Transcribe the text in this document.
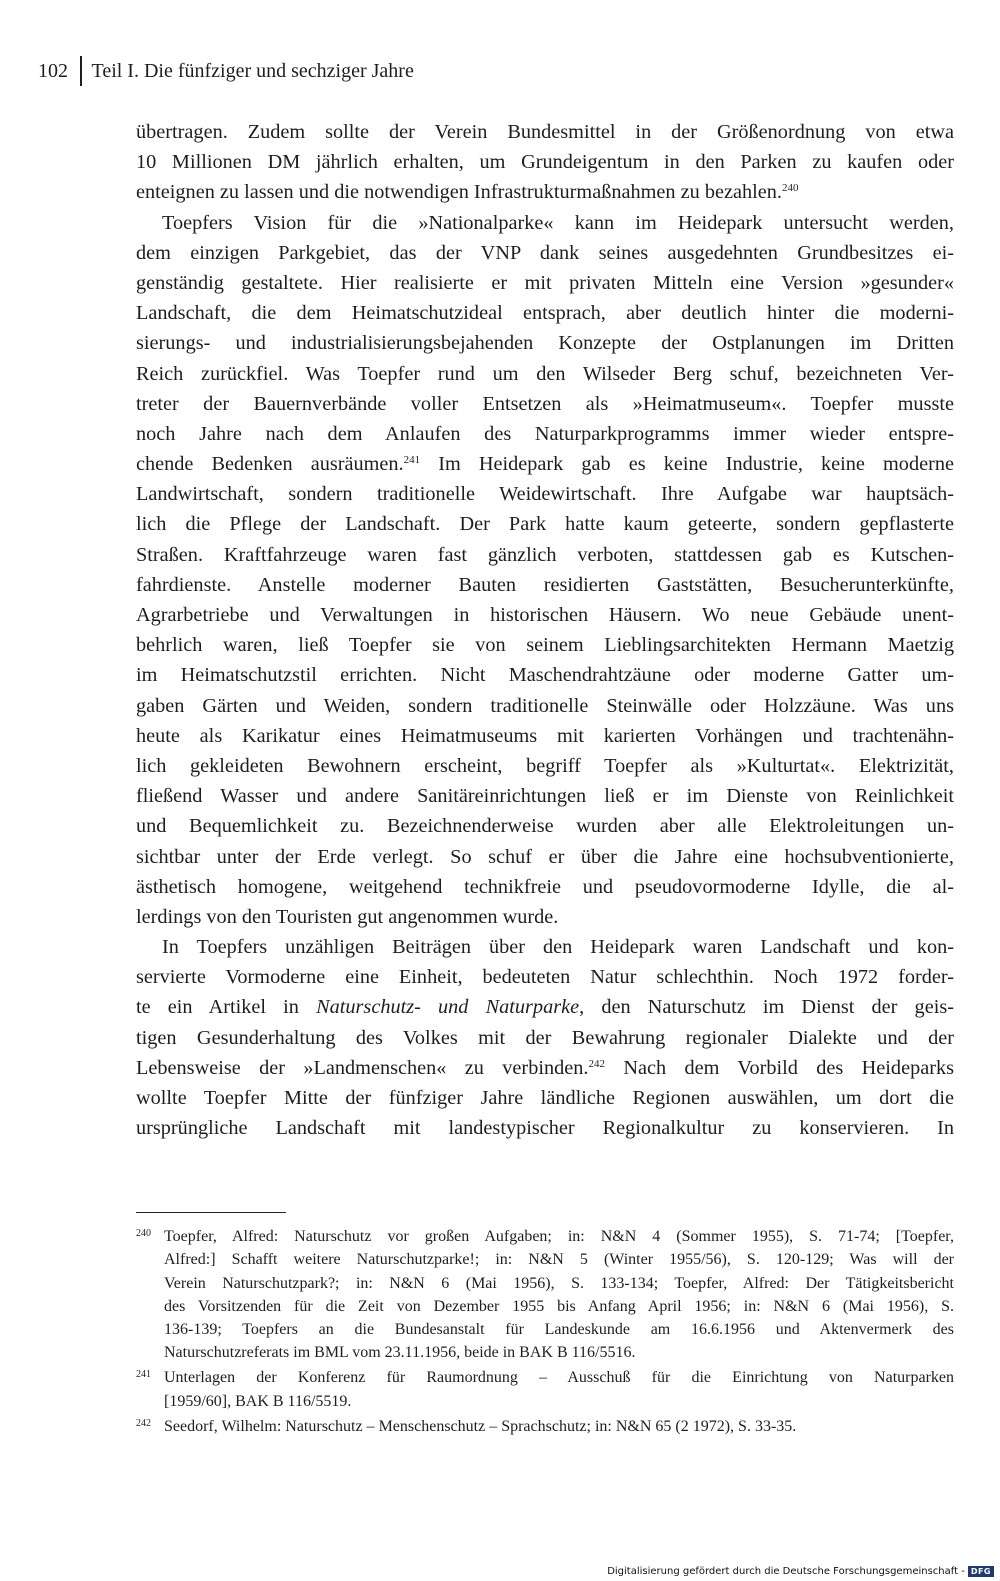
102 Teil I. Die fünfziger und sechziger Jahre
übertragen. Zudem sollte der Verein Bundesmittel in der Größenordnung von etwa
10 Millionen DM jährlich erhalten, um Grundeigentum in den Parken zu kaufen oder
enteignen zu lassen und die notwendigen Infrastrukturmaßnahmen zu bezahlen.$^{240}$
Toepfers Vision für die »Nationalparke« kann im Heidepark untersucht werden,
dem einzigen Parkgebiet, das der VNP dank seines ausgedehnten Grundbesitzes ei-
genständig gestaltete. Hier realisierte er mit privaten Mitteln eine Version »gesunder«
Landschaft, die dem Heimatschutzideal entsprach, aber deutlich hinter die moderni-
sierungs- und industrialisierungsbejahenden Konzepte der Ostplanungen im Dritten
Reich zurückfiel. Was Toepfer rund um den Wilseder Berg schuf, bezeichneten Ver-
treter der Bauernverbände voller Entsetzen als »Heimatmuseum«. Toepfer musste
noch Jahre nach dem Anlaufen des Naturparkprogramms immer wieder entspre-
chende Bedenken ausräumen.$^{241}$ Im Heidepark gab es keine Industrie, keine moderne
Landwirtschaft, sondern traditionelle Weidewirtschaft. Ihre Aufgabe war hauptsäch-
lich die Pflege der Landschaft. Der Park hatte kaum geteerte, sondern gepflasterte
Straßen. Kraftfahrzeuge waren fast gänzlich verboten, stattdessen gab es Kutschen-
fahrdienste. Anstelle moderner Bauten residierten Gaststätten, Besucherunterkünfte,
Agrarbetriebe und Verwaltungen in historischen Häusern. Wo neue Gebäude unent-
behrlich waren, ließ Toepfer sie von seinem Lieblingsarchitekten Hermann Maetzig
im Heimatschutzstil errichten. Nicht Maschendrahtzäune oder moderne Gatter um-
gaben Gärten und Weiden, sondern traditionelle Steinwälle oder Holzzäune. Was uns
heute als Karikatur eines Heimatmuseums mit karierten Vorhängen und trachtenähn-
lich gekleideten Bewohnern erscheint, begriff Toepfer als »Kulturtat«. Elektrizität,
fließend Wasser und andere Sanitäreinrichtungen ließ er im Dienste von Reinlichkeit
und Bequemlichkeit zu. Bezeichnenderweise wurden aber alle Elektroleitungen un-
sichtbar unter der Erde verlegt. So schuf er über die Jahre eine hochsubventionierte,
ästhetisch homogene, weitgehend technikfreie und pseudovormoderne Idylle, die al-
lerdings von den Touristen gut angenommen wurde.
In Toepfers unzähligen Beiträgen über den Heidepark waren Landschaft und kon-
servierte Vormoderne eine Einheit, bedeuteten Natur schlechthin. Noch 1972 forder-
te ein Artikel in Naturschutz- und Naturparke, den Naturschutz im Dienst der geis-
tigen Gesunderhaltung des Volkes mit der Bewahrung regionaler Dialekte und der
Lebensweise der »Landmenschen« zu verbinden.$^{242}$ Nach dem Vorbild des Heideparks
wollte Toepfer Mitte der fünfziger Jahre ländliche Regionen auswählen, um dort die
ursprüngliche Landschaft mit landestypischer Regionalkultur zu konservieren. In
240 Toepfer, Alfred: Naturschutz vor großen Aufgaben; in: N&N 4 (Sommer 1955), S. 71-74; [Toepfer,
Alfred:] Schafft weitere Naturschutzparke!; in: N&N 5 (Winter 1955/56), S. 120-129; Was will der
Verein Naturschutzpark?; in: N&N 6 (Mai 1956), S. 133-134; Toepfer, Alfred: Der Tätigkeitsbericht
des Vorsitzenden für die Zeit von Dezember 1955 bis Anfang April 1956; in: N&N 6 (Mai 1956), S.
136-139; Toepfers an die Bundesanstalt für Landeskunde am 16.6.1956 und Aktenvermerk des
Naturschutzreferats im BML vom 23.11.1956, beide in BAK B 116/5516.
241 Unterlagen der Konferenz für Raumordnung – Ausschuß für die Einrichtung von Naturparken
[1959/60], BAK B 116/5519.
242 Seedorf, Wilhelm: Naturschutz – Menschenschutz – Sprachschutz; in: N&N 65 (2 1972), S. 33-35.
Digitalisierung gefördert durch die Deutsche Forschungsgemeinschaft - DFG
